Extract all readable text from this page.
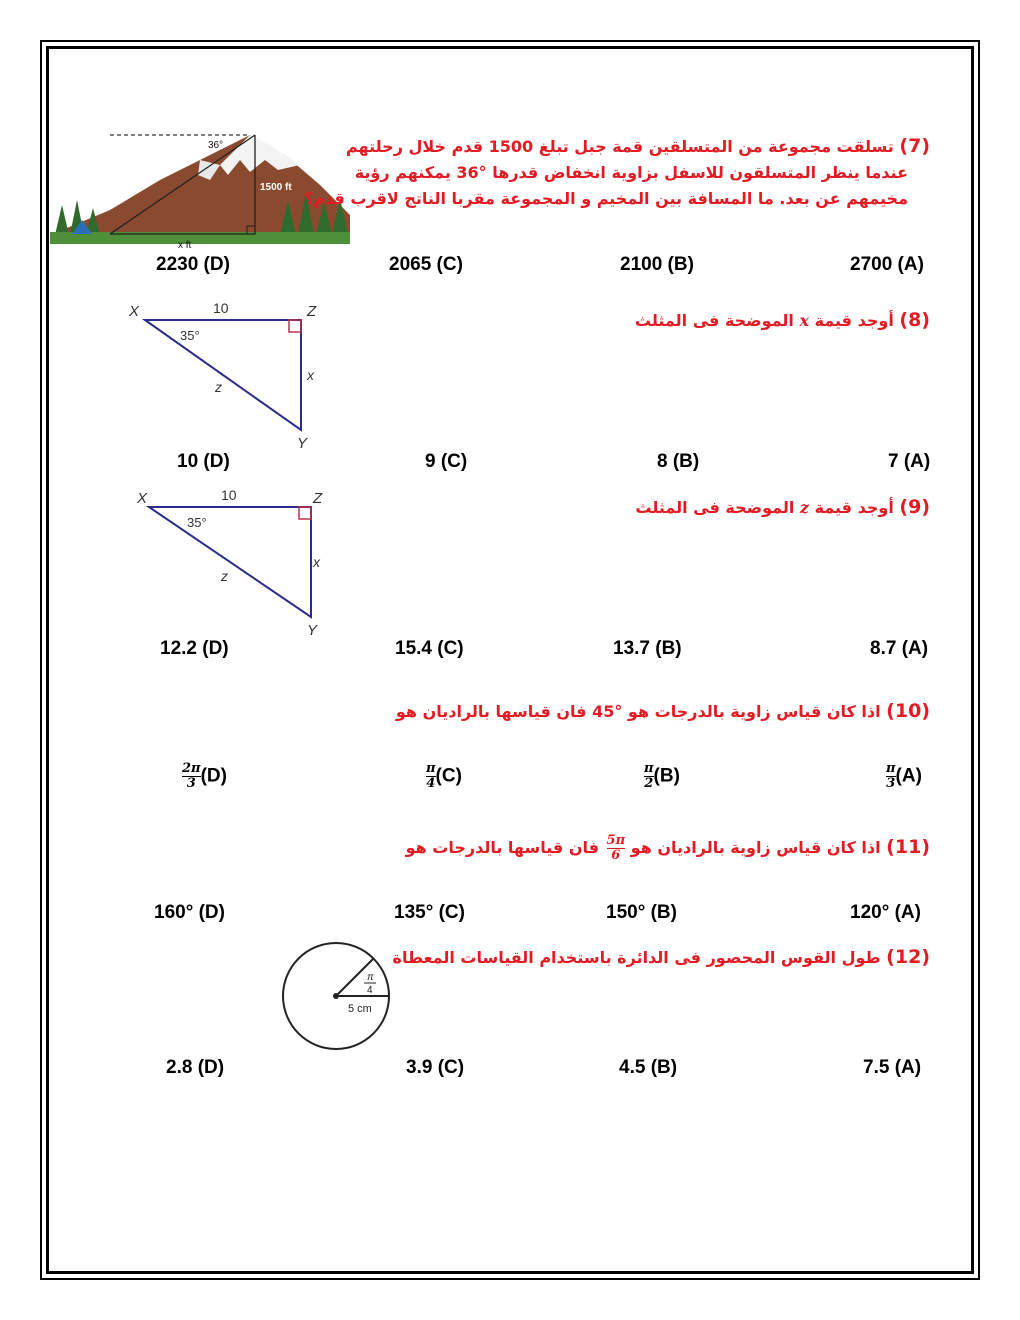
36°
1500 ft
x ft
(7) تسلقت مجموعة من المتسلقين قمة جبل تبلغ 1500 قدم خلال رحلتهم
عندما ينظر المتسلقون للاسفل بزاوية انخفاض قدرها °36 يمكنهم رؤية
مخيمهم عن بعد. ما المسافة بين المخيم و المجموعة مقربا الناتج لاقرب قدم؟
2700 (A)
2100 (B)
2065 (C)
2230 (D)
X	Z
Y
10
35°
x
z
(8) أوجد قيمة x الموضحة فى المثلث
7 (A)
8 (B)
9 (C)
10 (D)
X	Z
Y
10
35°
x
z
(9) أوجد قيمة z الموضحة فى المثلث
8.7 (A)
13.7 (B)
15.4 (C)
12.2 (D)
(10) اذا كان قياس زاوية بالدرجات هو °45 فان قياسها بالراديان هو
$\frac{\pi}{3} (A)$
$\frac{\pi}{2} (B)$
$\frac{\pi}{4} (C)$
$\frac{2\pi}{3} (D)$
(11) اذا كان قياس زاوية بالراديان هو
$\frac{5\pi}{6}$
فان قياسها بالدرجات هو
120° (A)
150° (B)
135° (C)
160° (D)
π
4
5 cm
(12) طول القوس المحصور فى الدائرة باستخدام القياسات المعطاة
7.5 (A)
4.5 (B)
3.9 (C)
2.8 (D)
